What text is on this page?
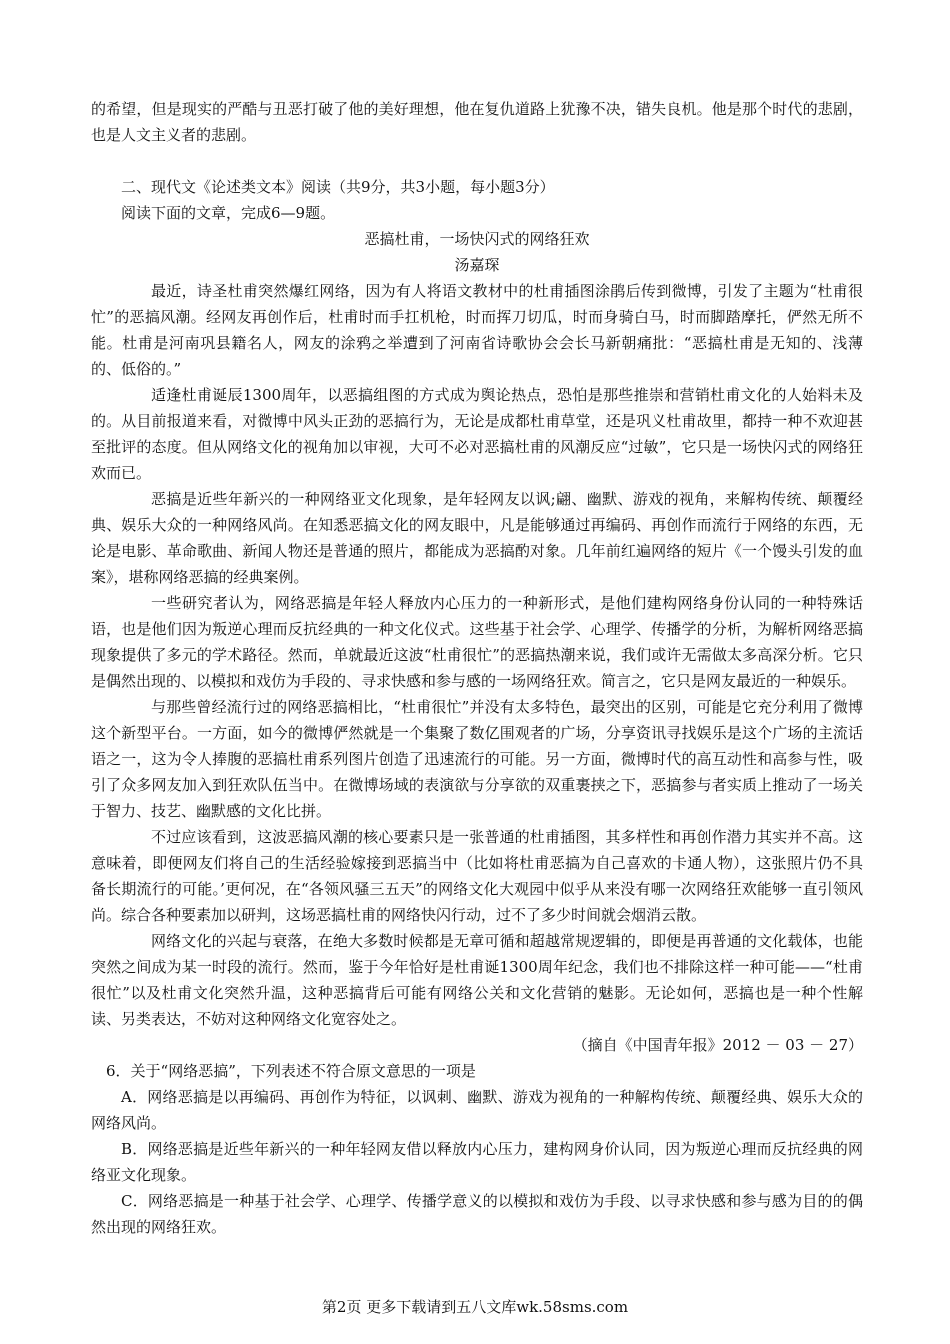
的希望，但是现实的严酷与丑恶打破了他的美好理想，他在复仇道路上犹豫不决，错失良机。他是那个时代的悲剧，也是人文主义者的悲剧。

二、现代文《论述类文本》阅读（共9分，共3小题，每小题3分）

阅读下面的文章，完成6—9题。

恶搞杜甫，一场快闪式的网络狂欢

汤嘉琛

最近，诗圣杜甫突然爆红网络，因为有人将语文教材中的杜甫插图涂鹃后传到微博，引发了主题为“杜甫很忙”的恶搞风潮。经网友再创作后，杜甫时而手扛机枪，时而挥刀切瓜，时而身骑白马，时而脚踏摩托，俨然无所不能。杜甫是河南巩县籍名人，网友的涂鸦之举遭到了河南省诗歌协会会长马新朝痛批：“恶搞杜甫是无知的、浅薄的、低俗的。”

适逢杜甫诞辰1300周年，以恶搞组图的方式成为舆论热点，恐怕是那些推崇和营销杜甫文化的人始料未及的。从目前报道来看，对微博中风头正劲的恶搞行为，无论是成都杜甫草堂，还是巩义杜甫故里，都持一种不欢迎甚至批评的态度。但从网络文化的视角加以审视，大可不必对恶搞杜甫的风潮反应“过敏”，它只是一场快闪式的网络狂欢而已。

恶搞是近些年新兴的一种网络亚文化现象，是年轻网友以讽;翩、幽默、游戏的视角，来解构传统、颠覆经典、娱乐大众的一种网络风尚。在知悉恶搞文化的网友眼中，凡是能够通过再编码、再创作而流行于网络的东西，无论是电影、革命歌曲、新闻人物还是普通的照片，都能成为恶搞酌对象。几年前红遍网络的短片《一个馒头引发的血案》，堪称网络恶搞的经典案例。

一些研究者认为，网络恶搞是年轻人释放内心压力的一种新形式，是他们建构网络身份认同的一种特殊话语，也是他们因为叛逆心理而反抗经典的一种文化仪式。这些基于社会学、心理学、传播学的分析，为解析网络恶搞现象提供了多元的学术路径。然而，单就最近这波“杜甫很忙”的恶搞热潮来说，我们或许无需做太多高深分析。它只是偶然出现的、以模拟和戏仿为手段的、寻求快感和参与感的一场网络狂欢。简言之，它只是网友最近的一种娱乐。

与那些曾经流行过的网络恶搞相比，“杜甫很忙”并没有太多特色，最突出的区别，可能是它充分利用了微博这个新型平台。一方面，如今的微博俨然就是一个集聚了数亿围观者的广场，分享资讯寻找娱乐是这个广场的主流话语之一，这为令人捧腹的恶搞杜甫系列图片创造了迅速流行的可能。另一方面，微博时代的高互动性和高参与性，吸引了众多网友加入到狂欢队伍当中。在微博场域的表演欲与分享欲的双重裹挟之下，恶搞参与者实质上推动了一场关于智力、技艺、幽默感的文化比拼。

不过应该看到，这波恶搞风潮的核心要素只是一张普通的杜甫插图，其多样性和再创作潜力其实并不高。这意味着，即便网友们将自己的生活经验嫁接到恶搞当中（比如将杜甫恶搞为自己喜欢的卡通人物），这张照片仍不具备长期流行的可能。’更何况，在“各领风骚三五天”的网络文化大观园中似乎从来没有哪一次网络狂欢能够一直引领风尚。综合各种要素加以研判，这场恶搞杜甫的网络快闪行动，过不了多少时间就会烟消云散。

网络文化的兴起与衰落，在绝大多数时候都是无章可循和超越常规逻辑的，即便是再普通的文化载体，也能突然之间成为某一时段的流行。然而，鉴于今年恰好是杜甫诞1300周年纪念，我们也不排除这样一种可能——“杜甫很忙”以及杜甫文化突然升温，这种恶搞背后可能有网络公关和文化营销的魅影。无论如何，恶搞也是一种个性解读、另类表达，不妨对这种网络文化宽容处之。

（摘自《中国青年报》2012 － 03 － 27）

6．关于“网络恶搞”，下列表述不符合原文意思的一项是

A．网络恶搞是以再编码、再创作为特征，以讽刺、幽默、游戏为视角的一种解构传统、颠覆经典、娱乐大众的网络风尚。

B．网络恶搞是近些年新兴的一种年轻网友借以释放内心压力，建构网身价认同，因为叛逆心理而反抗经典的网络亚文化现象。

C．网络恶搞是一种基于社会学、心理学、传播学意义的以模拟和戏仿为手段、以寻求快感和参与感为目的的偶然出现的网络狂欢。

第2页 更多下载请到五八文库wk.58sms.com
